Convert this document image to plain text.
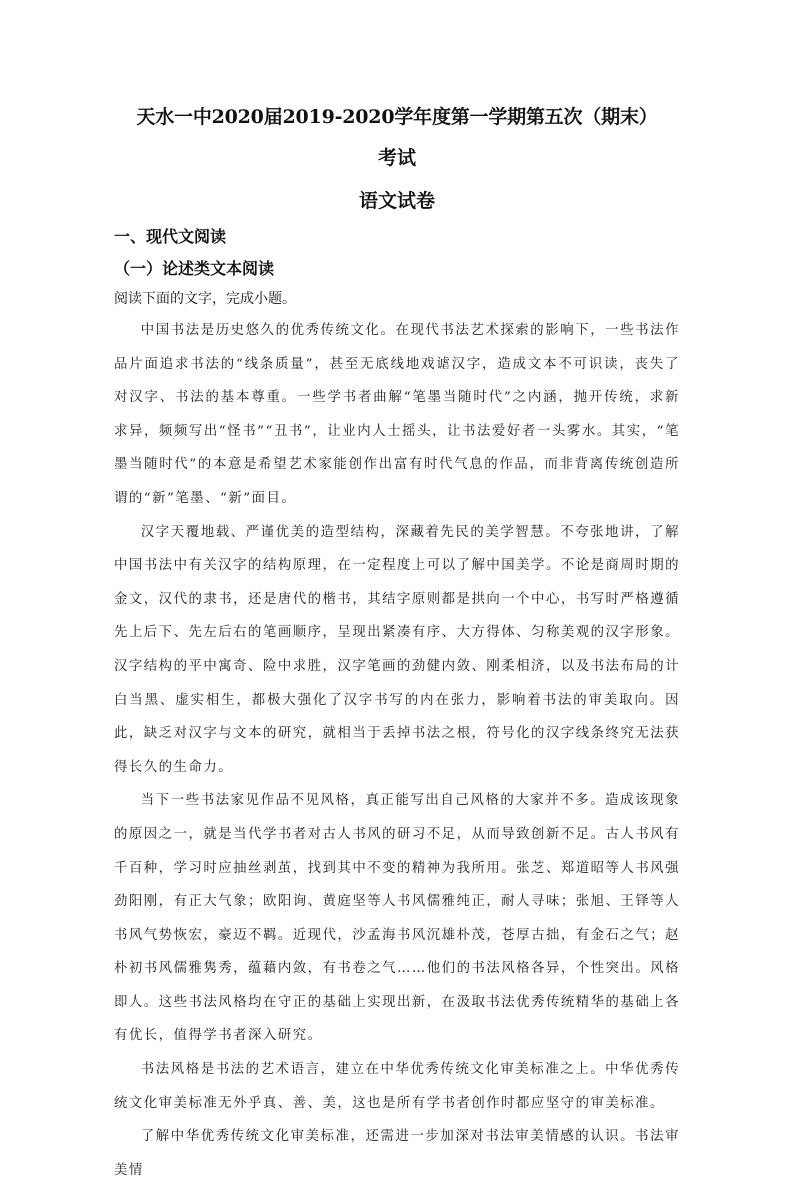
天水一中2020届2019-2020学年度第一学期第五次（期末）
考试
语文试卷
一、现代文阅读
（一）论述类文本阅读
阅读下面的文字，完成小题。

中国书法是历史悠久的优秀传统文化。在现代书法艺术探索的影响下，一些书法作品片面追求书法的“线条质量”，甚至无底线地戏谑汉字，造成文本不可识读，丧失了对汉字、书法的基本尊重。一些学书者曲解“笔墨当随时代”之内涵，抛开传统，求新求异，频频写出“怪书”“丑书”，让业内人士摇头，让书法爱好者一头雾水。其实，“笔墨当随时代”的本意是希望艺术家能创作出富有时代气息的作品，而非背离传统创造所谓的“新”笔墨、“新”面目。

汉字天覆地载、严谨优美的造型结构，深藏着先民的美学智慧。不夸张地讲，了解中国书法中有关汉字的结构原理，在一定程度上可以了解中国美学。不论是商周时期的金文，汉代的隶书，还是唐代的楷书，其结字原则都是拱向一个中心，书写时严格遵循先上后下、先左后右的笔画顺序，呈现出紧凑有序、大方得体、匀称美观的汉字形象。汉字结构的平中寓奇、险中求胜，汉字笔画的劲健内敛、刚柔相济，以及书法布局的计白当黑、虚实相生，都极大强化了汉字书写的内在张力，影响着书法的审美取向。因此，缺乏对汉字与文本的研究，就相当于丢掉书法之根，符号化的汉字线条终究无法获得长久的生命力。

当下一些书法家见作品不见风格，真正能写出自己风格的大家并不多。造成该现象的原因之一，就是当代学书者对古人书风的研习不足，从而导致创新不足。古人书风有千百种，学习时应抽丝剥茧，找到其中不变的精神为我所用。张芝、郑道昭等人书风强劲阳刚，有正大气象；欧阳询、黄庭坚等人书风儒雅纯正，耐人寻味；张旭、王铎等人书风气势恢宏，豪迈不羁。近现代，沙孟海书风沉雄朴茂，苍厚古拙，有金石之气；赵朴初书风儒雅隽秀，蕴藉内敛，有书卷之气……他们的书法风格各异，个性突出。风格即人。这些书法风格均在守正的基础上实现出新，在汲取书法优秀传统精华的基础上各有优长，值得学书者深入研究。

书法风格是书法的艺术语言，建立在中华优秀传统文化审美标准之上。中华优秀传统文化审美标准无外乎真、善、美，这也是所有学书者创作时都应坚守的审美标准。

了解中华优秀传统文化审美标准，还需进一步加深对书法审美情感的认识。书法审美情
